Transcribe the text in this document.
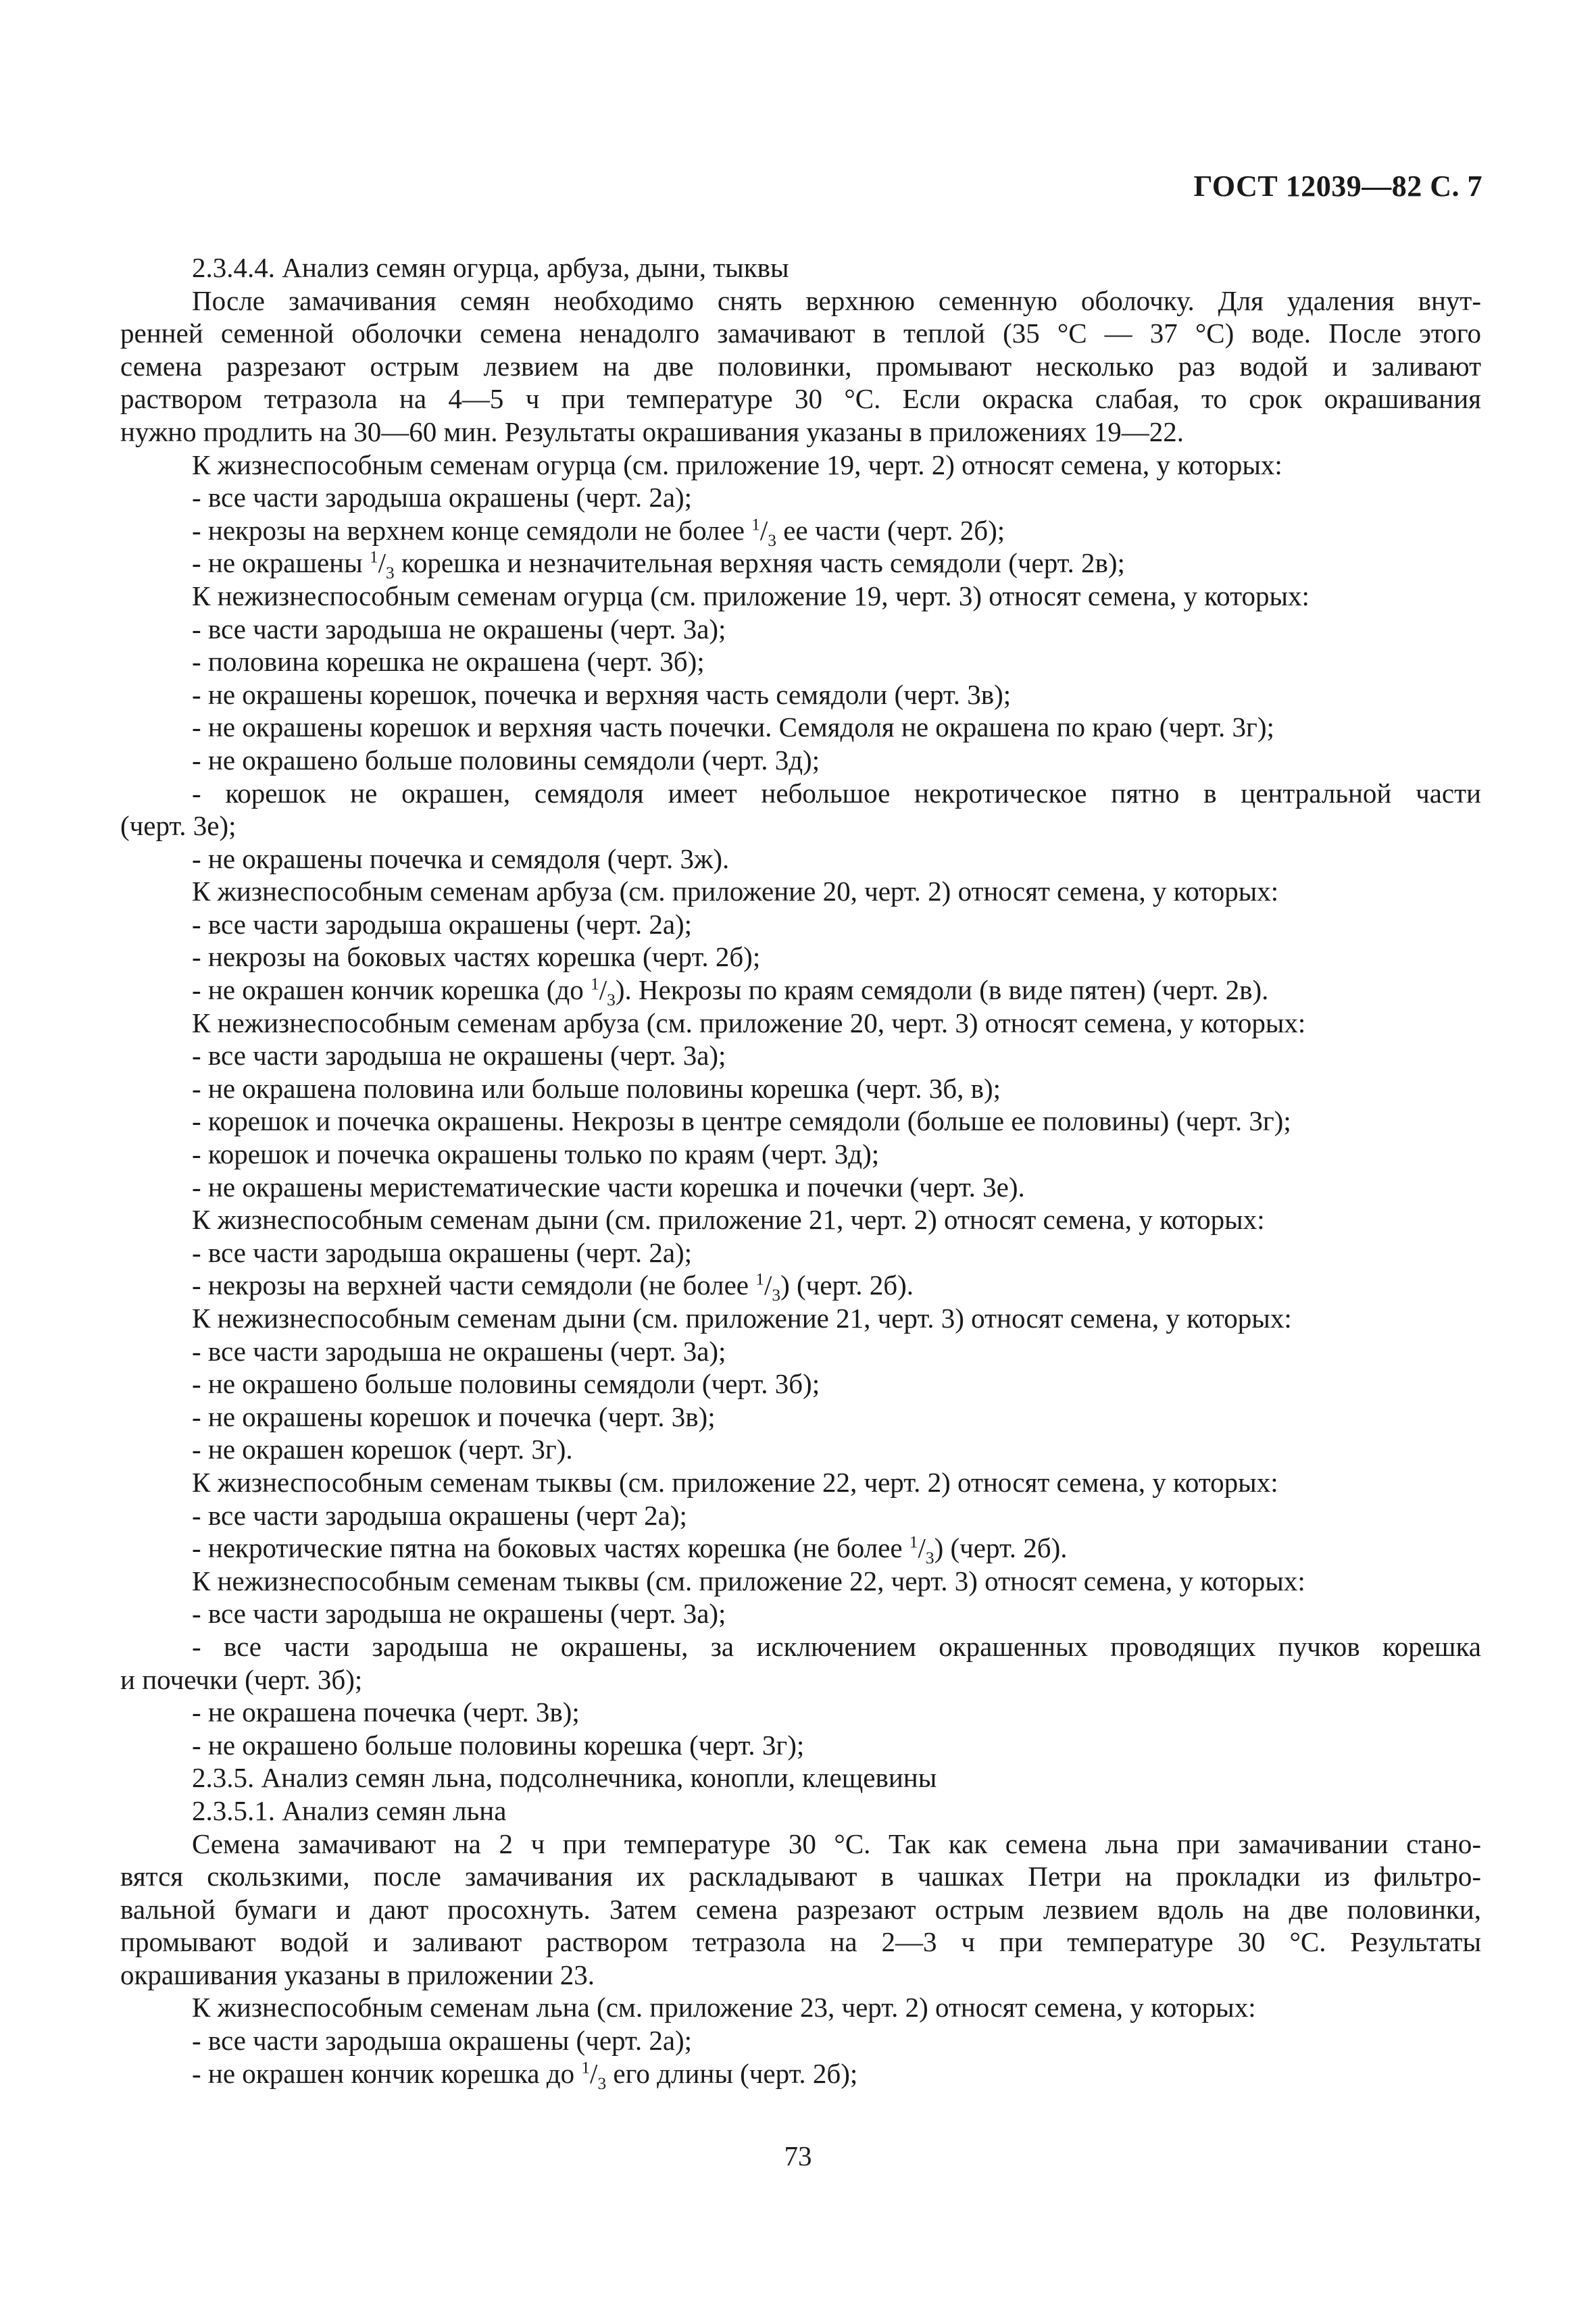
ГОСТ 12039—82 С. 7
2.3.4.4. Анализ семян огурца, арбуза, дыни, тыквы
После замачивания семян необходимо снять верхнюю семенную оболочку. Для удаления внут-
ренней семенной оболочки семена ненадолго замачивают в теплой (35 °С — 37 °С) воде. После этого
семена разрезают острым лезвием на две половинки, промывают несколько раз водой и заливают
раствором тетразола на 4—5 ч при температуре 30 °С. Если окраска слабая, то срок окрашивания
нужно продлить на 30—60 мин. Результаты окрашивания указаны в приложениях 19—22.
К жизнеспособным семенам огурца (см. приложение 19, черт. 2) относят семена, у которых:
- все части зародыша окрашены (черт. 2а);
- некрозы на верхнем конце семядоли не более $^1/_3$ ее части (черт. 2б);
- не окрашены $^1/_3$ корешка и незначительная верхняя часть семядоли (черт. 2в);
К нежизнеспособным семенам огурца (см. приложение 19, черт. 3) относят семена, у которых:
- все части зародыша не окрашены (черт. 3а);
- половина корешка не окрашена (черт. 3б);
- не окрашены корешок, почечка и верхняя часть семядоли (черт. 3в);
- не окрашены корешок и верхняя часть почечки. Семядоля не окрашена по краю (черт. 3г);
- не окрашено больше половины семядоли (черт. 3д);
- корешок не окрашен, семядоля имеет небольшое некротическое пятно в центральной части
(черт. 3е);
- не окрашены почечка и семядоля (черт. 3ж).
К жизнеспособным семенам арбуза (см. приложение 20, черт. 2) относят семена, у которых:
- все части зародыша окрашены (черт. 2а);
- некрозы на боковых частях корешка (черт. 2б);
- не окрашен кончик корешка (до $^1/_3$). Некрозы по краям семядоли (в виде пятен) (черт. 2в).
К нежизнеспособным семенам арбуза (см. приложение 20, черт. 3) относят семена, у которых:
- все части зародыша не окрашены (черт. 3а);
- не окрашена половина или больше половины корешка (черт. 3б, в);
- корешок и почечка окрашены. Некрозы в центре семядоли (больше ее половины) (черт. 3г);
- корешок и почечка окрашены только по краям (черт. 3д);
- не окрашены меристематические части корешка и почечки (черт. 3е).
К жизнеспособным семенам дыни (см. приложение 21, черт. 2) относят семена, у которых:
- все части зародыша окрашены (черт. 2а);
- некрозы на верхней части семядоли (не более $^1/_3$) (черт. 2б).
К нежизнеспособным семенам дыни (см. приложение 21, черт. 3) относят семена, у которых:
- все части зародыша не окрашены (черт. 3а);
- не окрашено больше половины семядоли (черт. 3б);
- не окрашены корешок и почечка (черт. 3в);
- не окрашен корешок (черт. 3г).
К жизнеспособным семенам тыквы (см. приложение 22, черт. 2) относят семена, у которых:
- все части зародыша окрашены (черт 2а);
- некротические пятна на боковых частях корешка (не более $^1/_3$) (черт. 2б).
К нежизнеспособным семенам тыквы (см. приложение 22, черт. 3) относят семена, у которых:
- все части зародыша не окрашены (черт. 3а);
- все части зародыша не окрашены, за исключением окрашенных проводящих пучков корешка
и почечки (черт. 3б);
- не окрашена почечка (черт. 3в);
- не окрашено больше половины корешка (черт. 3г);
2.3.5. Анализ семян льна, подсолнечника, конопли, клещевины
2.3.5.1. Анализ семян льна
Семена замачивают на 2 ч при температуре 30 °С. Так как семена льна при замачивании стано-
вятся скользкими, после замачивания их раскладывают в чашках Петри на прокладки из фильтро-
вальной бумаги и дают просохнуть. Затем семена разрезают острым лезвием вдоль на две половинки,
промывают водой и заливают раствором тетразола на 2—3 ч при температуре 30 °С. Результаты
окрашивания указаны в приложении 23.
К жизнеспособным семенам льна (см. приложение 23, черт. 2) относят семена, у которых:
- все части зародыша окрашены (черт. 2а);
- не окрашен кончик корешка до $^1/_3$ его длины (черт. 2б);
73
